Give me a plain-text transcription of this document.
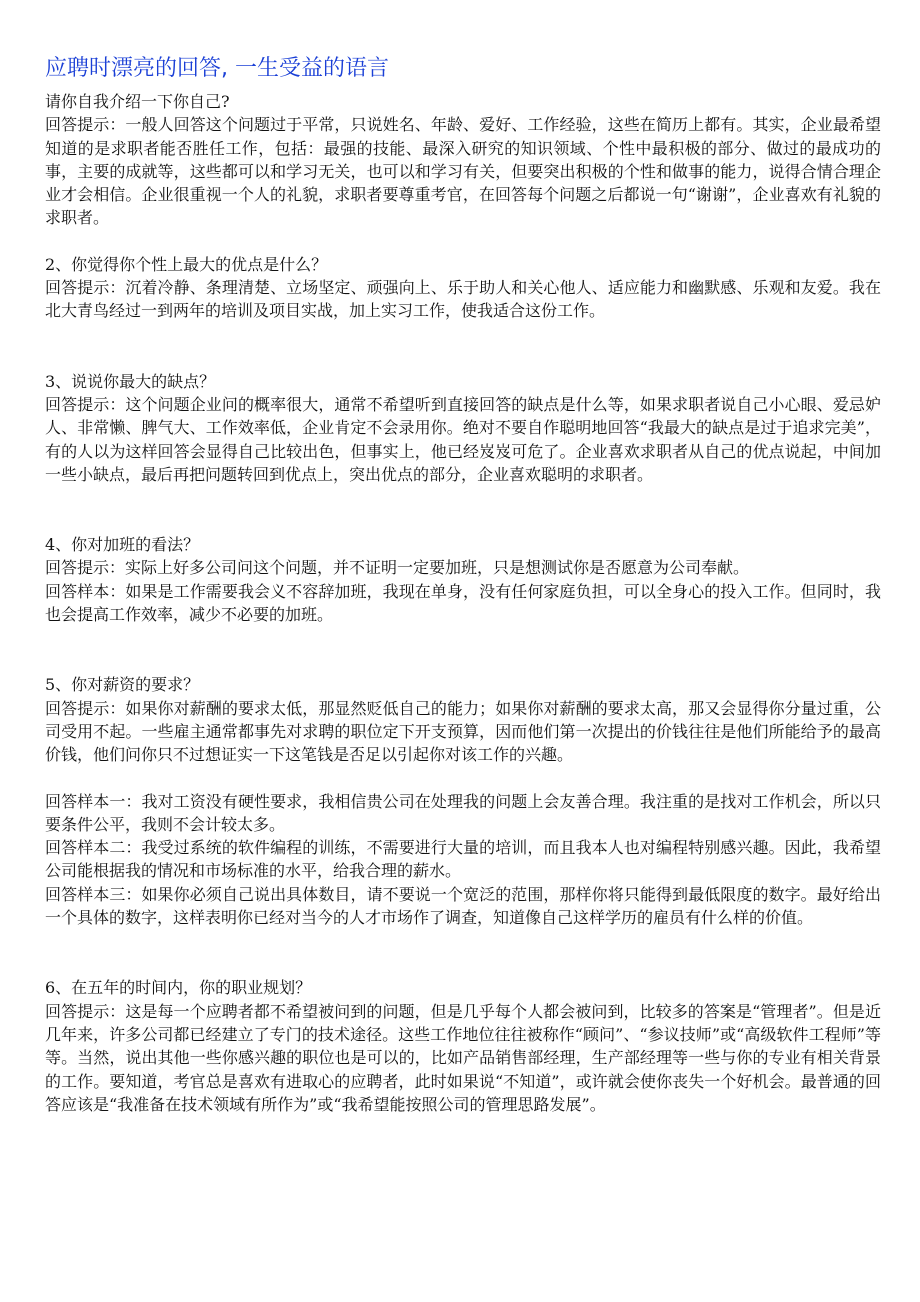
应聘时漂亮的回答, 一生受益的语言

请你自我介绍一下你自己?

回答提示：一般人回答这个问题过于平常，只说姓名、年龄、爱好、工作经验，这些在简历上都有。其实，企业最希望知道的是求职者能否胜任工作，包括：最强的技能、最深入研究的知识领域、个性中最积极的部分、做过的最成功的事，主要的成就等，这些都可以和学习无关，也可以和学习有关，但要突出积极的个性和做事的能力，说得合情合理企业才会相信。企业很重视一个人的礼貌，求职者要尊重考官，在回答每个问题之后都说一句“谢谢”，企业喜欢有礼貌的求职者。

2、你觉得你个性上最大的优点是什么？

回答提示：沉着冷静、条理清楚、立场坚定、顽强向上、乐于助人和关心他人、适应能力和幽默感、乐观和友爱。我在北大青鸟经过一到两年的培训及项目实战，加上实习工作，使我适合这份工作。

3、说说你最大的缺点？

回答提示：这个问题企业问的概率很大，通常不希望听到直接回答的缺点是什么等，如果求职者说自己小心眼、爱忌妒人、非常懒、脾气大、工作效率低，企业肯定不会录用你。绝对不要自作聪明地回答“我最大的缺点是过于追求完美”，有的人以为这样回答会显得自己比较出色，但事实上，他已经岌岌可危了。企业喜欢求职者从自己的优点说起，中间加一些小缺点，最后再把问题转回到优点上，突出优点的部分，企业喜欢聪明的求职者。

4、你对加班的看法？

回答提示：实际上好多公司问这个问题，并不证明一定要加班，只是想测试你是否愿意为公司奉献。

回答样本：如果是工作需要我会义不容辞加班，我现在单身，没有任何家庭负担，可以全身心的投入工作。但同时，我也会提高工作效率，减少不必要的加班。

5、你对薪资的要求？

回答提示：如果你对薪酬的要求太低，那显然贬低自己的能力；如果你对薪酬的要求太高，那又会显得你分量过重，公司受用不起。一些雇主通常都事先对求聘的职位定下开支预算，因而他们第一次提出的价钱往往是他们所能给予的最高价钱，他们问你只不过想证实一下这笔钱是否足以引起你对该工作的兴趣。

回答样本一：我对工资没有硬性要求，我相信贵公司在处理我的问题上会友善合理。我注重的是找对工作机会，所以只要条件公平，我则不会计较太多。

回答样本二：我受过系统的软件编程的训练，不需要进行大量的培训，而且我本人也对编程特别感兴趣。因此，我希望公司能根据我的情况和市场标准的水平，给我合理的薪水。

回答样本三：如果你必须自己说出具体数目，请不要说一个宽泛的范围，那样你将只能得到最低限度的数字。最好给出一个具体的数字，这样表明你已经对当今的人才市场作了调查，知道像自己这样学历的雇员有什么样的价值。

6、在五年的时间内，你的职业规划？

回答提示：这是每一个应聘者都不希望被问到的问题，但是几乎每个人都会被问到，比较多的答案是“管理者”。但是近几年来，许多公司都已经建立了专门的技术途径。这些工作地位往往被称作“顾问”、“参议技师”或“高级软件工程师”等等。当然，说出其他一些你感兴趣的职位也是可以的，比如产品销售部经理，生产部经理等一些与你的专业有相关背景的工作。要知道，考官总是喜欢有进取心的应聘者，此时如果说“不知道”，或许就会使你丧失一个好机会。最普通的回答应该是“我准备在技术领域有所作为”或“我希望能按照公司的管理思路发展”。
